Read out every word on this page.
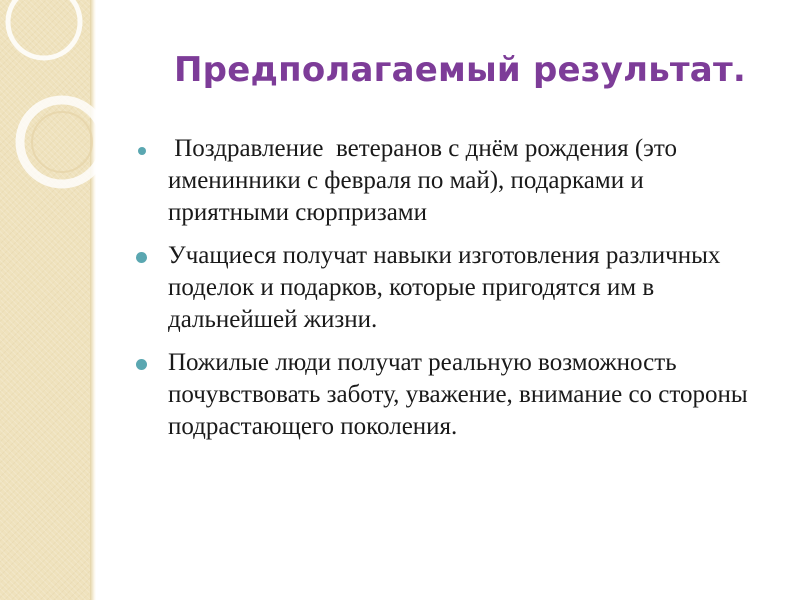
Предполагаемый результат.
Поздравление  ветеранов с днём рождения (это именинники с февраля по май), подарками и приятными сюрпризами
Учащиеся получат навыки изготовления различных поделок и подарков, которые пригодятся им в дальнейшей жизни.
Пожилые люди получат реальную возможность почувствовать заботу, уважение, внимание со стороны подрастающего поколения.
